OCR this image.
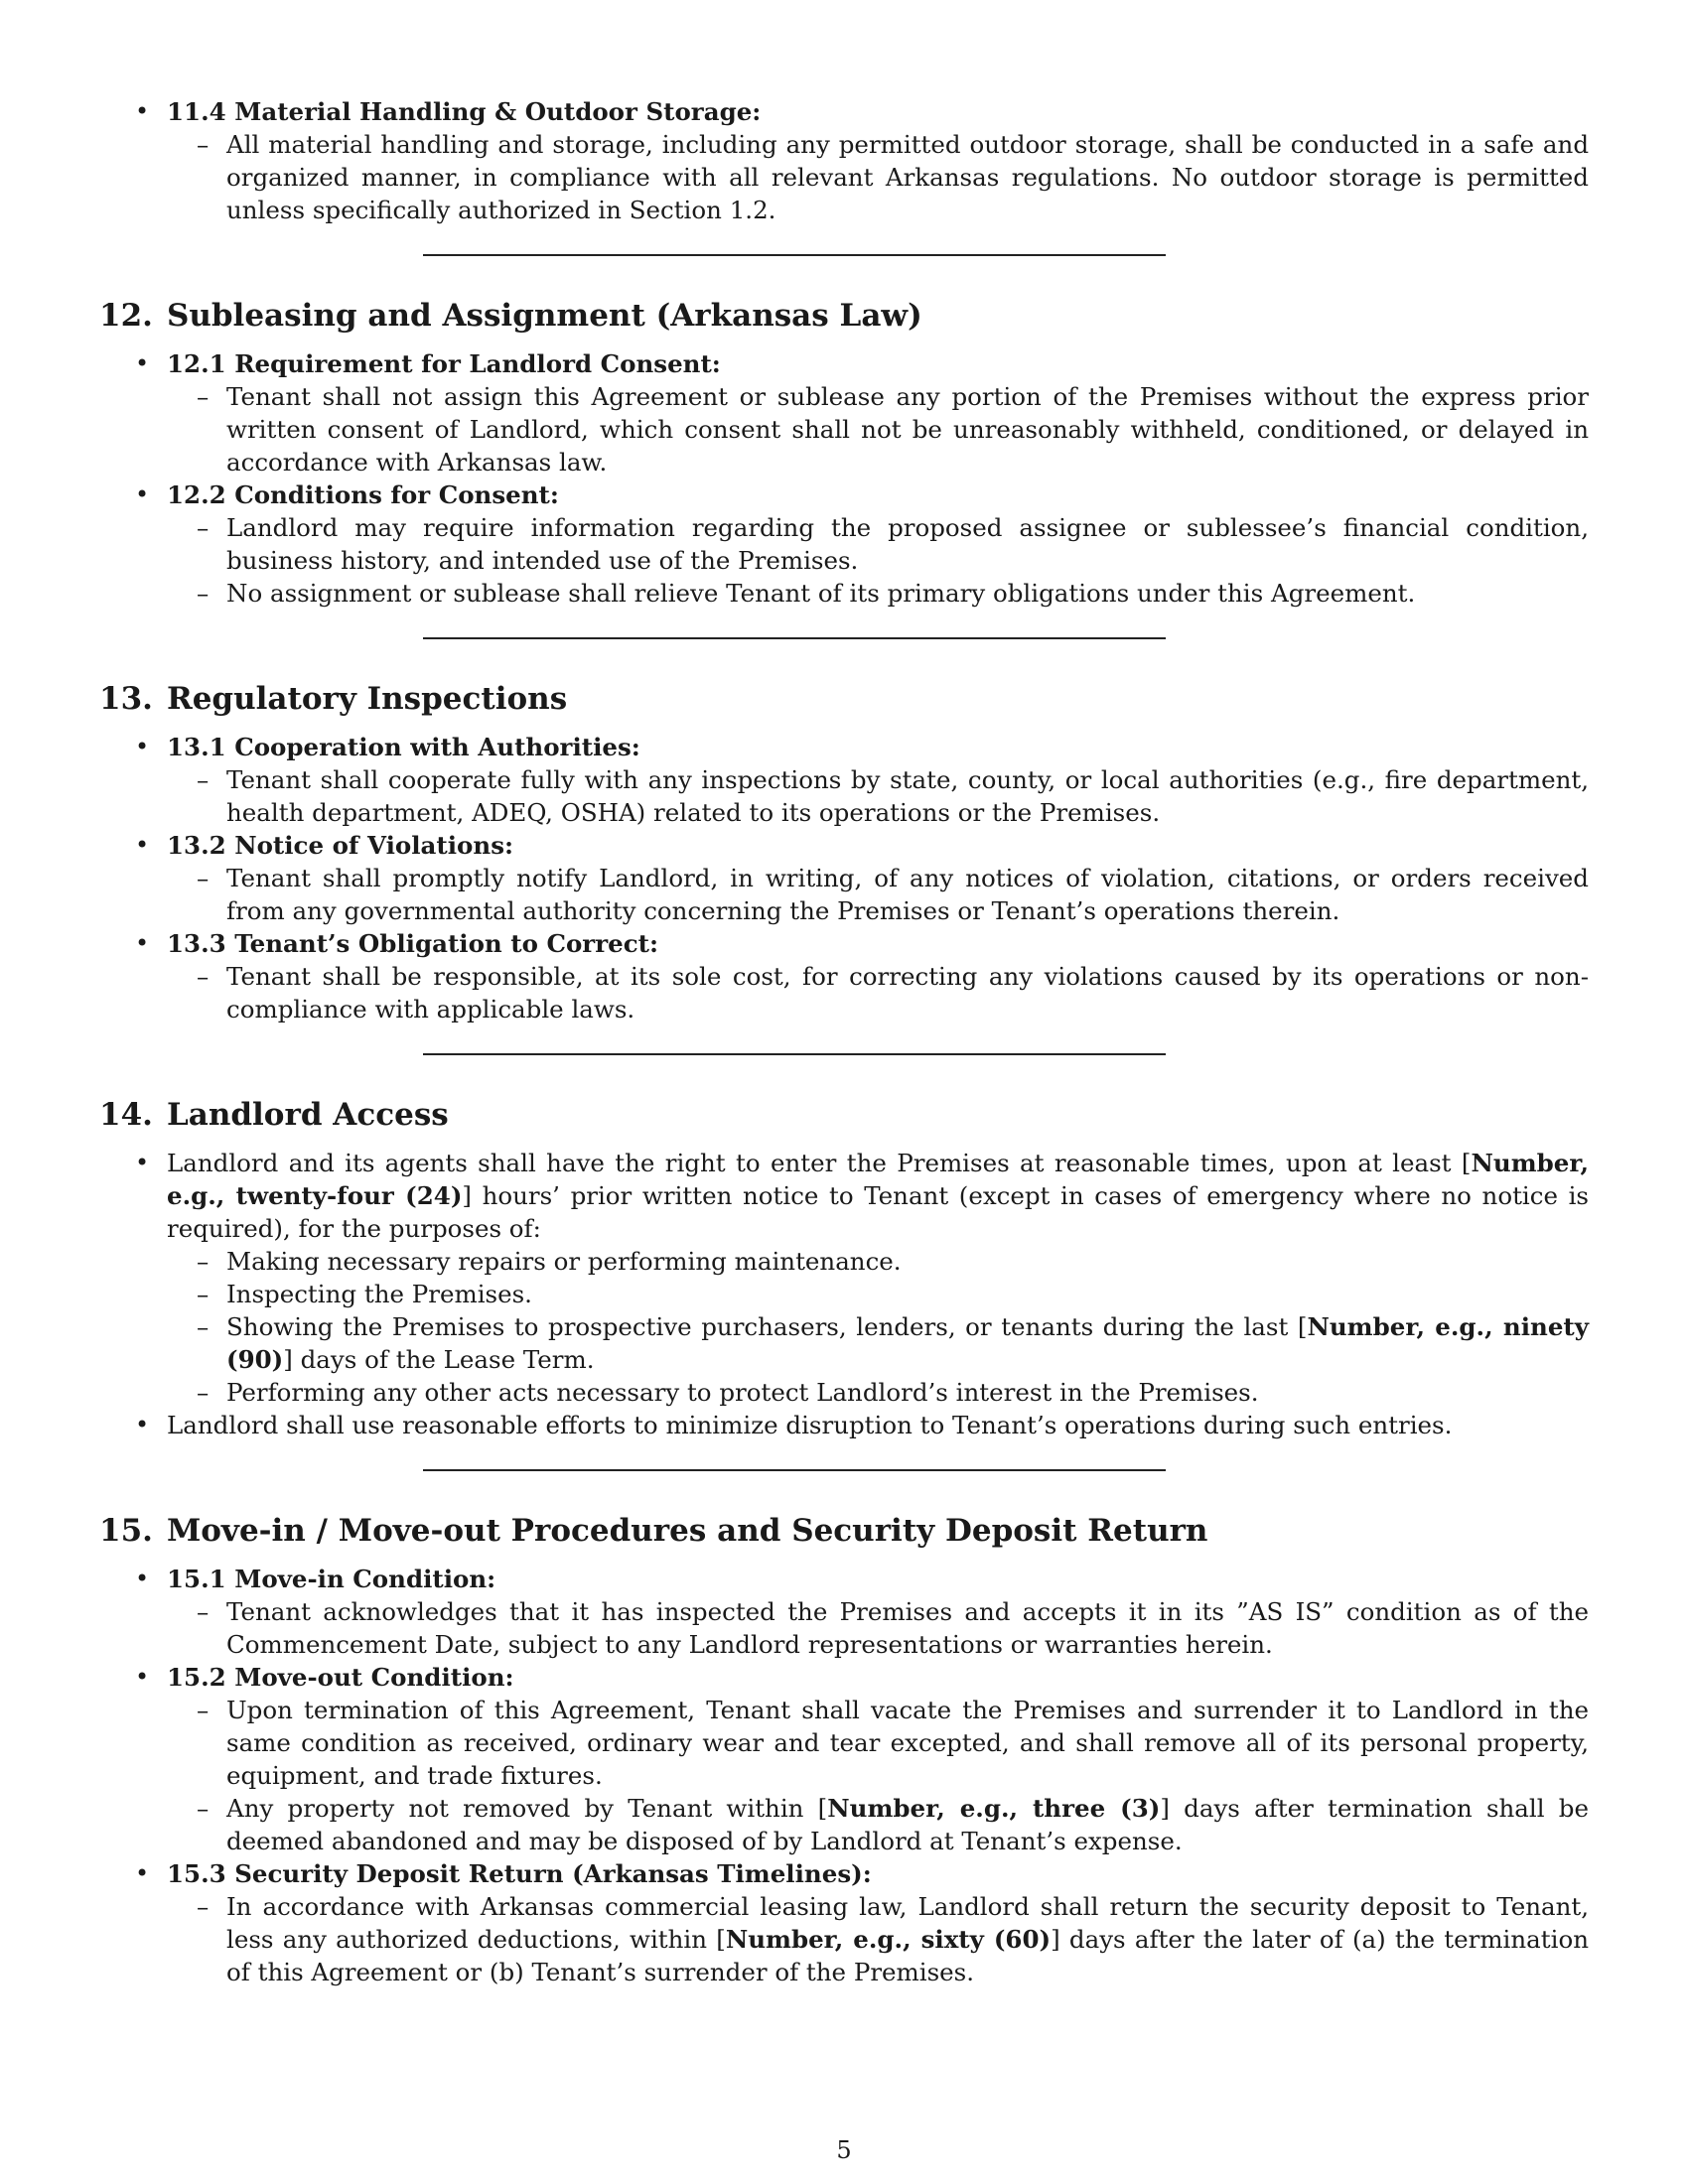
• 11.4 Material Handling & Outdoor Storage:
– All material handling and storage, including any permitted outdoor storage, shall be conducted in a safe and organized manner, in compliance with all relevant Arkansas regulations. No outdoor storage is permitted unless specifically authorized in Section 1.2.
12. Subleasing and Assignment (Arkansas Law)
• 12.1 Requirement for Landlord Consent:
– Tenant shall not assign this Agreement or sublease any portion of the Premises without the express prior written consent of Landlord, which consent shall not be unreasonably withheld, conditioned, or delayed in accordance with Arkansas law.
• 12.2 Conditions for Consent:
– Landlord may require information regarding the proposed assignee or sublessee’s financial condition, business history, and intended use of the Premises.
– No assignment or sublease shall relieve Tenant of its primary obligations under this Agreement.
13. Regulatory Inspections
• 13.1 Cooperation with Authorities:
– Tenant shall cooperate fully with any inspections by state, county, or local authorities (e.g., fire department, health department, ADEQ, OSHA) related to its operations or the Premises.
• 13.2 Notice of Violations:
– Tenant shall promptly notify Landlord, in writing, of any notices of violation, citations, or orders received from any governmental authority concerning the Premises or Tenant’s operations therein.
• 13.3 Tenant’s Obligation to Correct:
– Tenant shall be responsible, at its sole cost, for correcting any violations caused by its operations or non-compliance with applicable laws.
14. Landlord Access
• Landlord and its agents shall have the right to enter the Premises at reasonable times, upon at least [Number, e.g., twenty-four (24)] hours’ prior written notice to Tenant (except in cases of emergency where no notice is required), for the purposes of:
– Making necessary repairs or performing maintenance.
– Inspecting the Premises.
– Showing the Premises to prospective purchasers, lenders, or tenants during the last [Number, e.g., ninety (90)] days of the Lease Term.
– Performing any other acts necessary to protect Landlord’s interest in the Premises.
• Landlord shall use reasonable efforts to minimize disruption to Tenant’s operations during such entries.
15. Move-in / Move-out Procedures and Security Deposit Return
• 15.1 Move-in Condition:
– Tenant acknowledges that it has inspected the Premises and accepts it in its ”AS IS” condition as of the Commencement Date, subject to any Landlord representations or warranties herein.
• 15.2 Move-out Condition:
– Upon termination of this Agreement, Tenant shall vacate the Premises and surrender it to Landlord in the same condition as received, ordinary wear and tear excepted, and shall remove all of its personal property, equipment, and trade fixtures.
– Any property not removed by Tenant within [Number, e.g., three (3)] days after termination shall be deemed abandoned and may be disposed of by Landlord at Tenant’s expense.
• 15.3 Security Deposit Return (Arkansas Timelines):
– In accordance with Arkansas commercial leasing law, Landlord shall return the security deposit to Tenant, less any authorized deductions, within [Number, e.g., sixty (60)] days after the later of (a) the termination of this Agreement or (b) Tenant’s surrender of the Premises.
5
